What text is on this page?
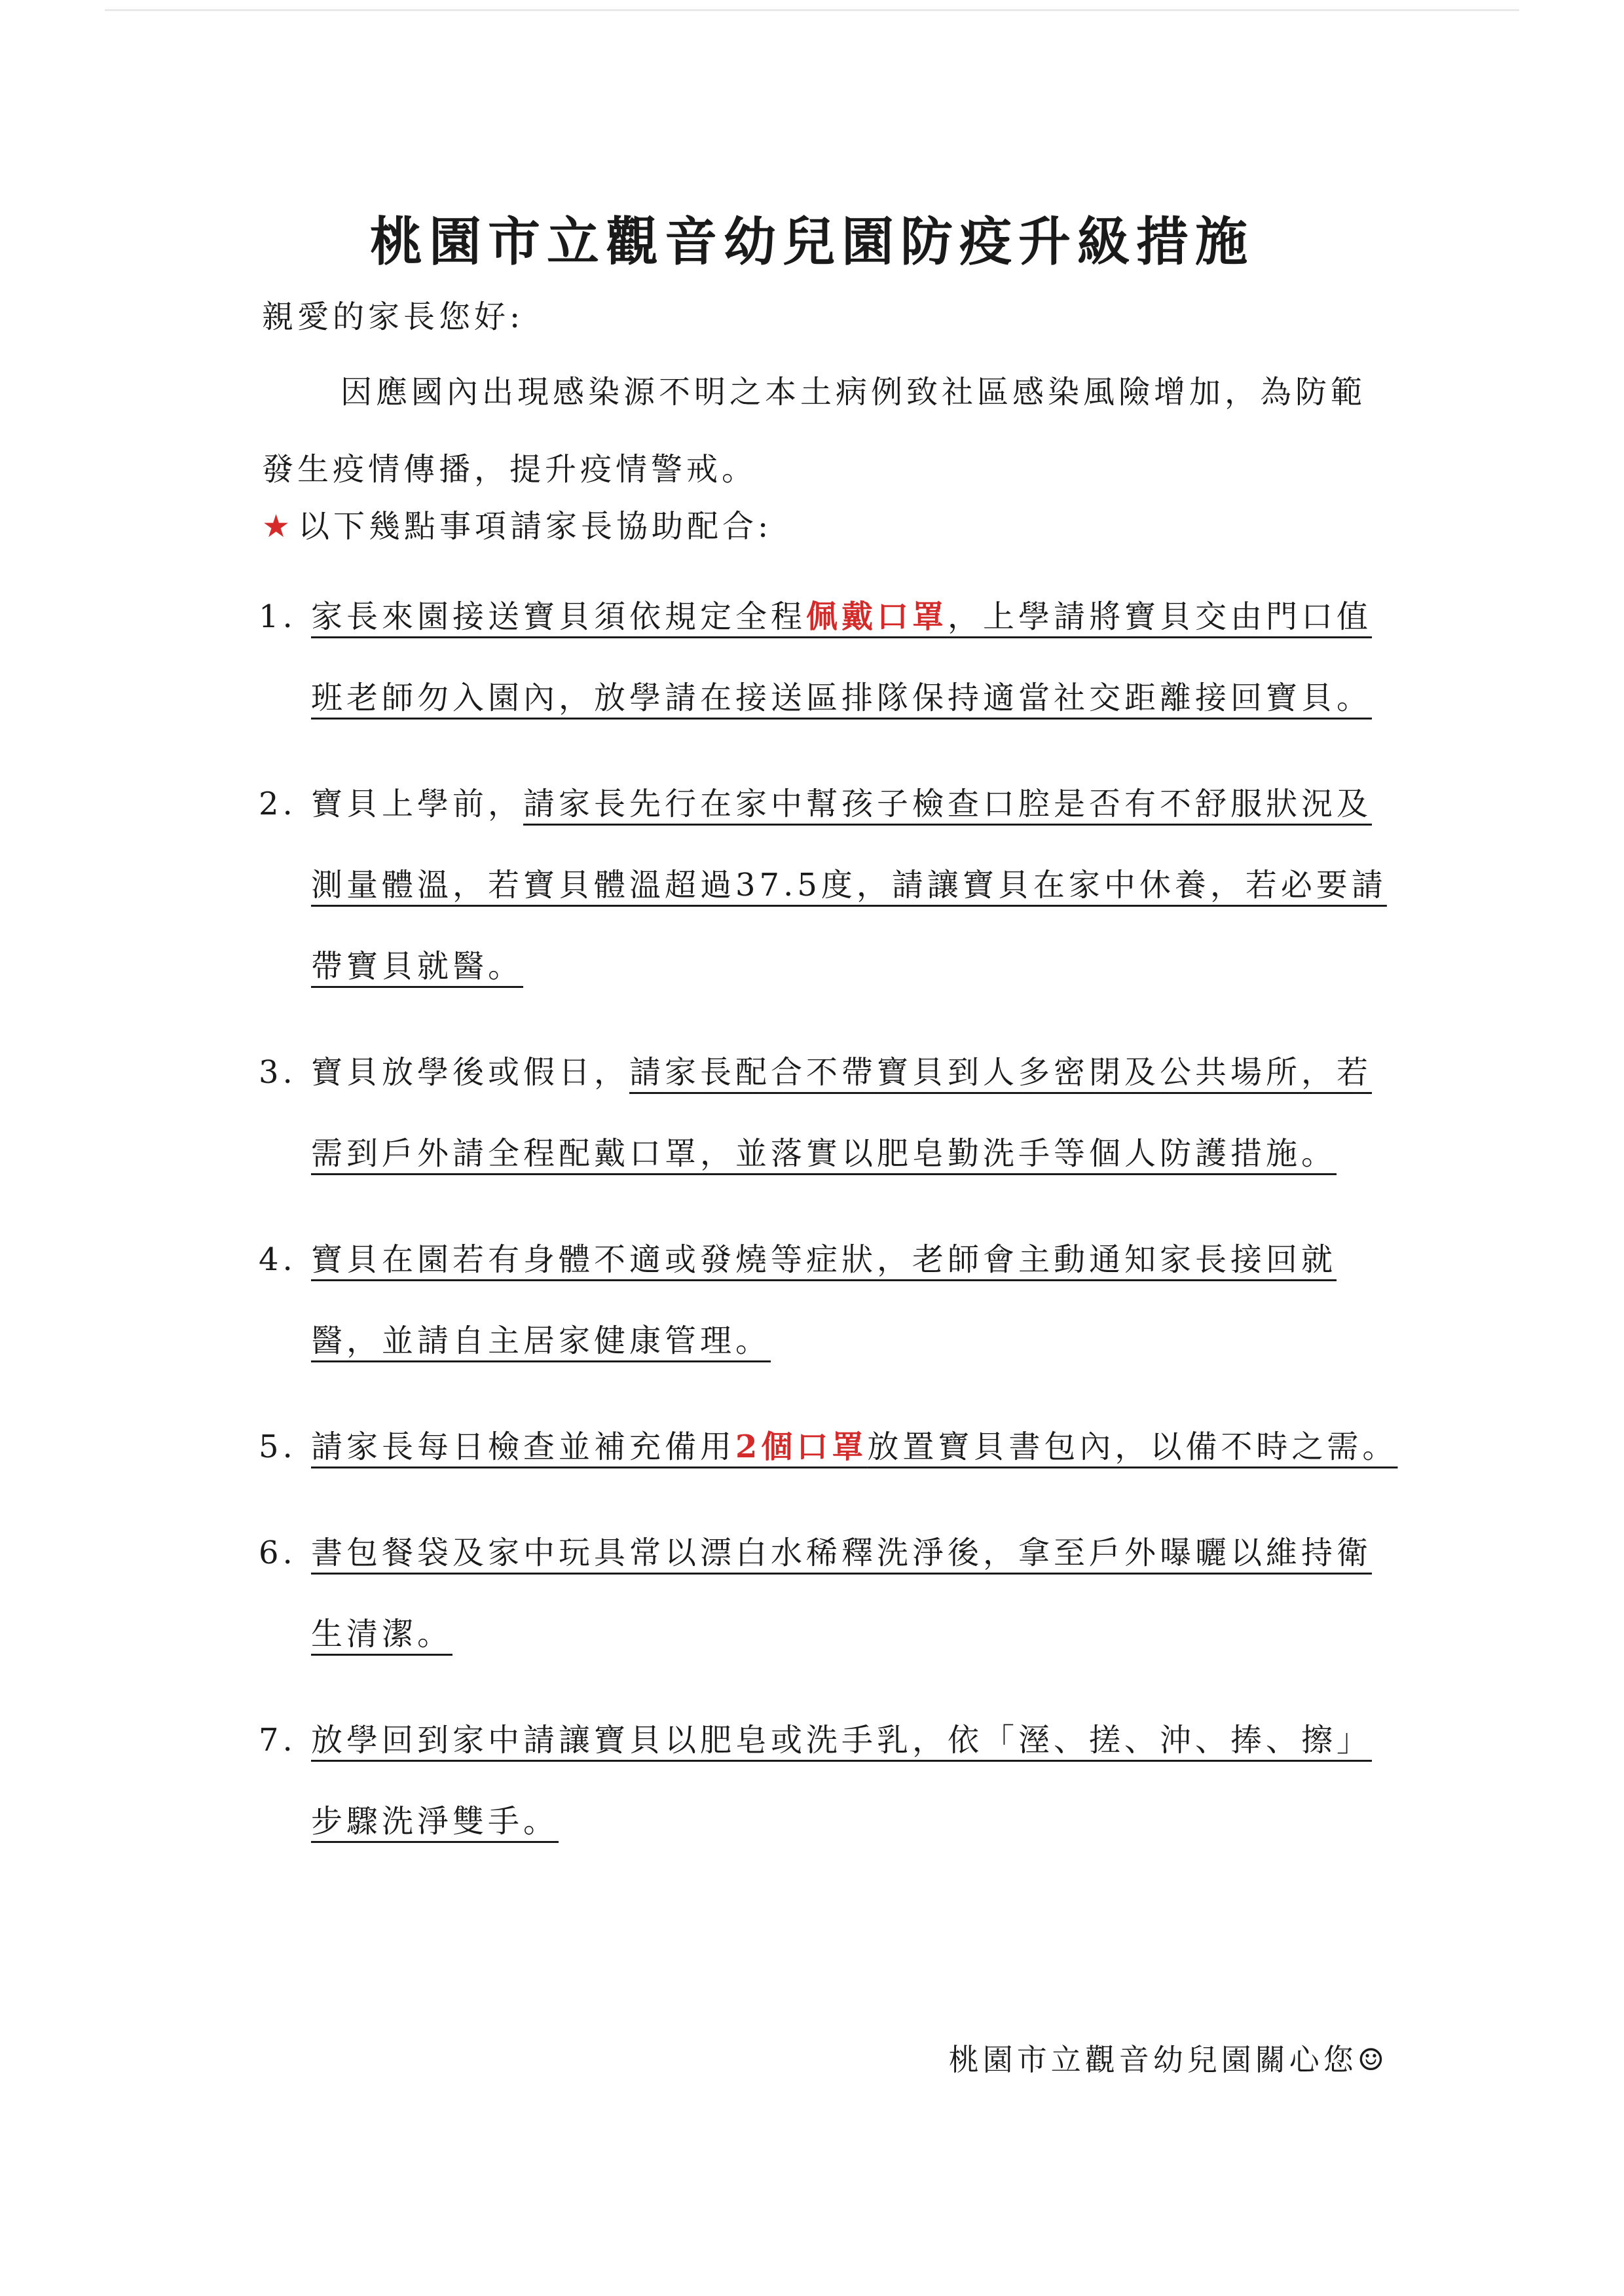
桃園市立觀音幼兒園防疫升級措施
親愛的家長您好:
因應國內出現感染源不明之本土病例致社區感染風險增加，為防範發生疫情傳播，提升疫情警戒。
★ 以下幾點事項請家長協助配合:
1. 家長來園接送寶貝須依規定全程佩戴口罩，上學請將寶貝交由門口值班老師勿入園內，放學請在接送區排隊保持適當社交距離接回寶貝。
2. 寶貝上學前，請家長先行在家中幫孩子檢查口腔是否有不舒服狀況及測量體溫，若寶貝體溫超過37.5度，請讓寶貝在家中休養，若必要請帶寶貝就醫。
3. 寶貝放學後或假日，請家長配合不帶寶貝到人多密閉及公共場所，若需到戶外請全程配戴口罩，並落實以肥皂勤洗手等個人防護措施。
4. 寶貝在園若有身體不適或發燒等症狀，老師會主動通知家長接回就醫，並請自主居家健康管理。
5. 請家長每日檢查並補充備用2個口罩放置寶貝書包內，以備不時之需。
6. 書包餐袋及家中玩具常以漂白水稀釋洗淨後，拿至戶外曝曬以維持衛生清潔。
7. 放學回到家中請讓寶貝以肥皂或洗手乳，依「溼、搓、沖、捧、擦」步驟洗淨雙手。
桃園市立觀音幼兒園關心您☺
